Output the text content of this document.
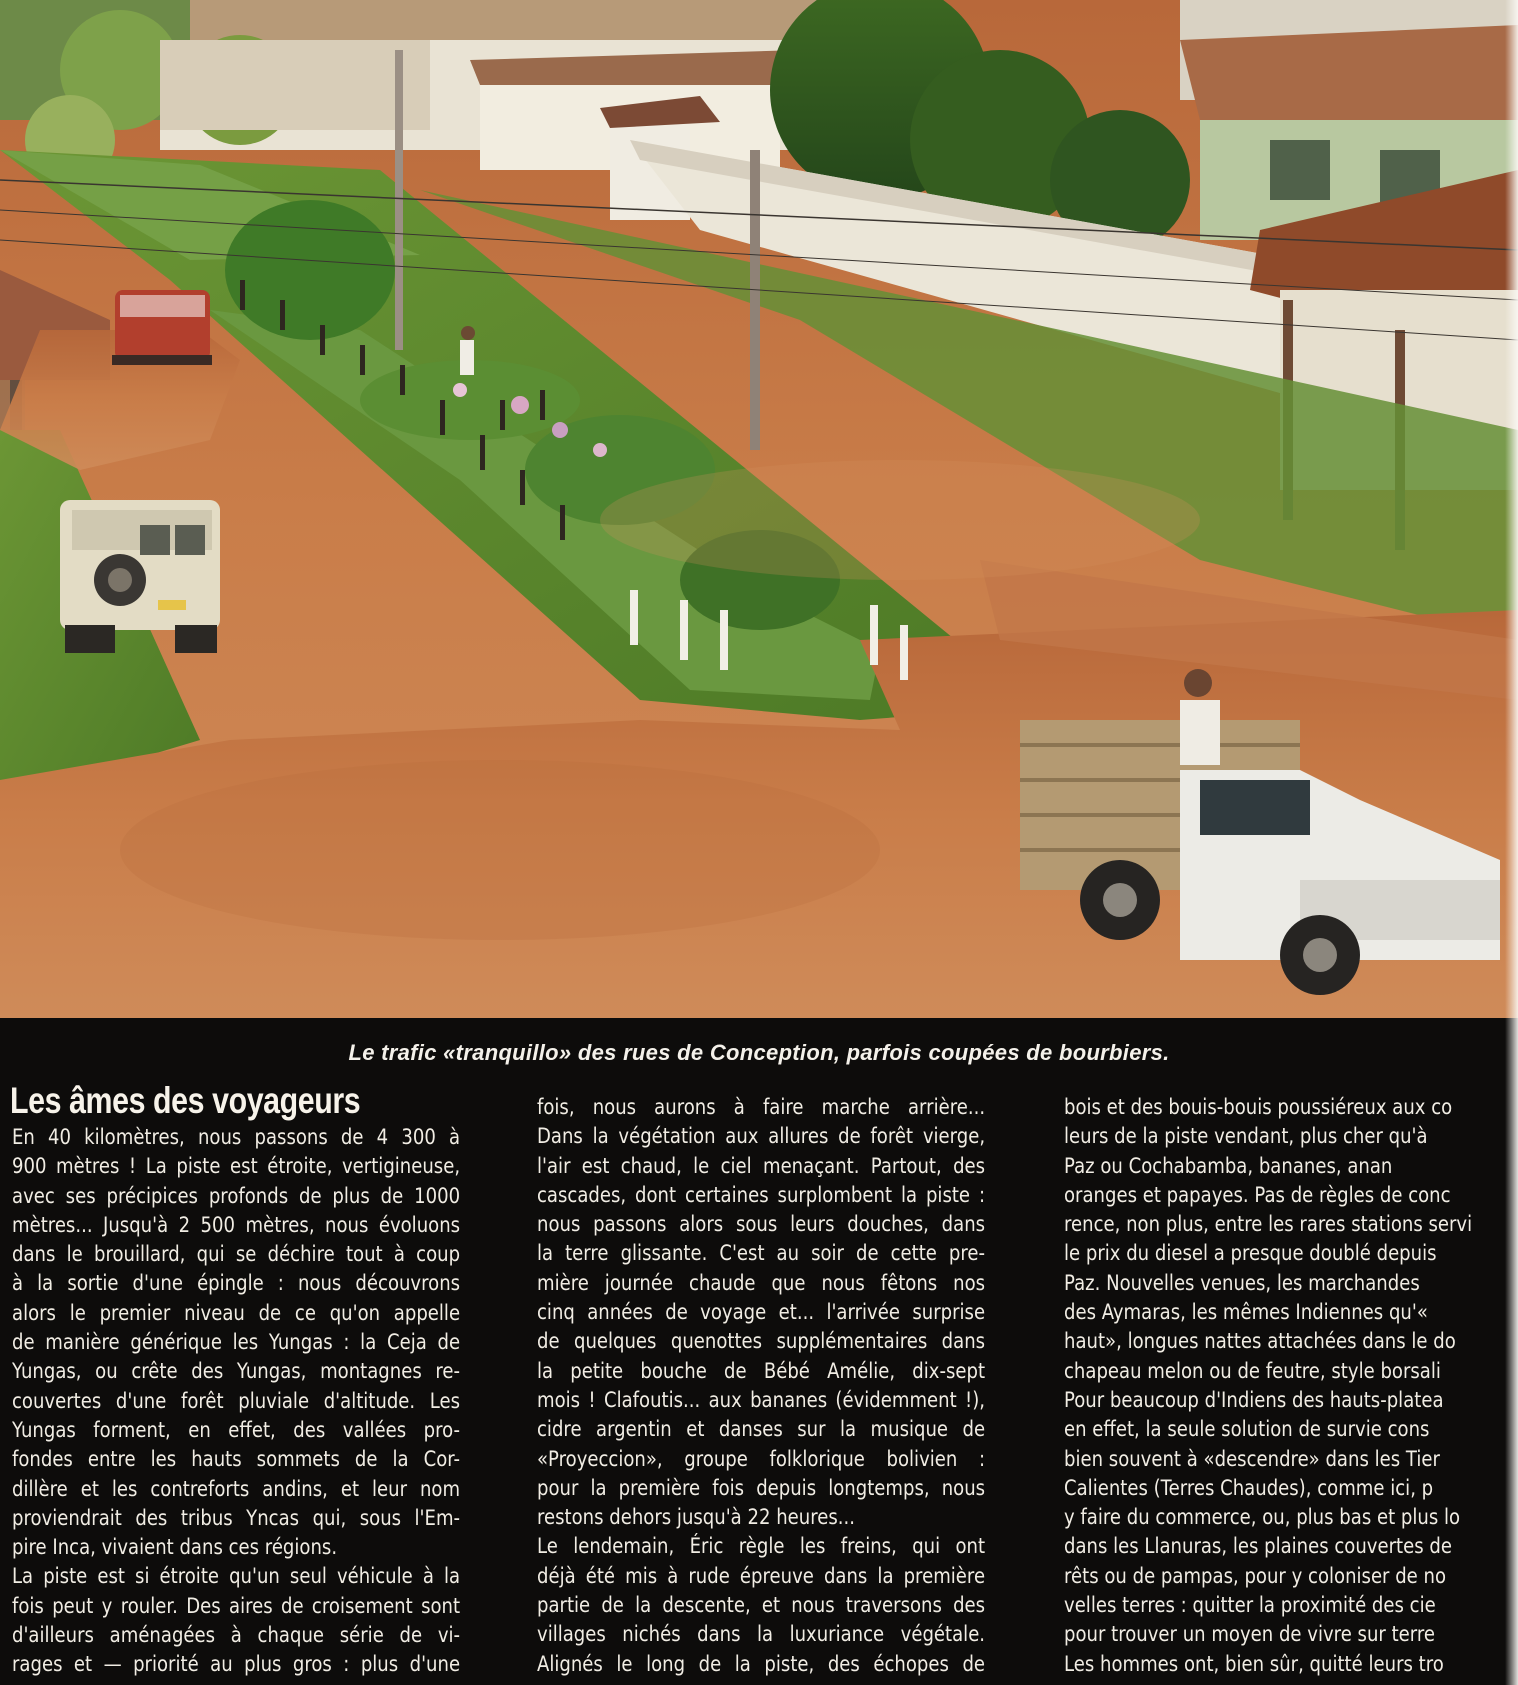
Le trafic «tranquillo» des rues de Conception, parfois coupées de bourbiers.
Les âmes des voyageurs
En 40 kilomètres, nous passons de 4 300 à
900 mètres ! La piste est étroite, vertigineuse,
avec ses précipices profonds de plus de 1000
mètres... Jusqu'à 2 500 mètres, nous évoluons
dans le brouillard, qui se déchire tout à coup
à la sortie d'une épingle : nous découvrons
alors le premier niveau de ce qu'on appelle
de manière générique les Yungas : la Ceja de
Yungas, ou crête des Yungas, montagnes re-
couvertes d'une forêt pluviale d'altitude. Les
Yungas forment, en effet, des vallées pro-
fondes entre les hauts sommets de la Cor-
dillère et les contreforts andins, et leur nom
proviendrait des tribus Yncas qui, sous l'Em-
pire Inca, vivaient dans ces régions.
La piste est si étroite qu'un seul véhicule à la
fois peut y rouler. Des aires de croisement sont
d'ailleurs aménagées à chaque série de vi-
rages et — priorité au plus gros : plus d'une
fois, nous aurons à faire marche arrière...
Dans la végétation aux allures de forêt vierge,
l'air est chaud, le ciel menaçant. Partout, des
cascades, dont certaines surplombent la piste :
nous passons alors sous leurs douches, dans
la terre glissante. C'est au soir de cette pre-
mière journée chaude que nous fêtons nos
cinq années de voyage et... l'arrivée surprise
de quelques quenottes supplémentaires dans
la petite bouche de Bébé Amélie, dix-sept
mois ! Clafoutis... aux bananes (évidemment !),
cidre argentin et danses sur la musique de
«Proyeccion», groupe folklorique bolivien :
pour la première fois depuis longtemps, nous
restons dehors jusqu'à 22 heures...
Le lendemain, Éric règle les freins, qui ont
déjà été mis à rude épreuve dans la première
partie de la descente, et nous traversons des
villages nichés dans la luxuriance végétale.
Alignés le long de la piste, des échopes de
bois et des bouis-bouis poussiéreux aux co
leurs de la piste vendant, plus cher qu'à
Paz ou Cochabamba, bananes, anan
oranges et papayes. Pas de règles de conc
rence, non plus, entre les rares stations servi
le prix du diesel a presque doublé depuis
Paz. Nouvelles venues, les marchandes
des Aymaras, les mêmes Indiennes qu'«
haut», longues nattes attachées dans le do
chapeau melon ou de feutre, style borsali
Pour beaucoup d'Indiens des hauts-platea
en effet, la seule solution de survie cons
bien souvent à «descendre» dans les Tier
Calientes (Terres Chaudes), comme ici, p
y faire du commerce, ou, plus bas et plus lo
dans les Llanuras, les plaines couvertes de
rêts ou de pampas, pour y coloniser de no
velles terres : quitter la proximité des cie
pour trouver un moyen de vivre sur terre
Les hommes ont, bien sûr, quitté leurs tro
